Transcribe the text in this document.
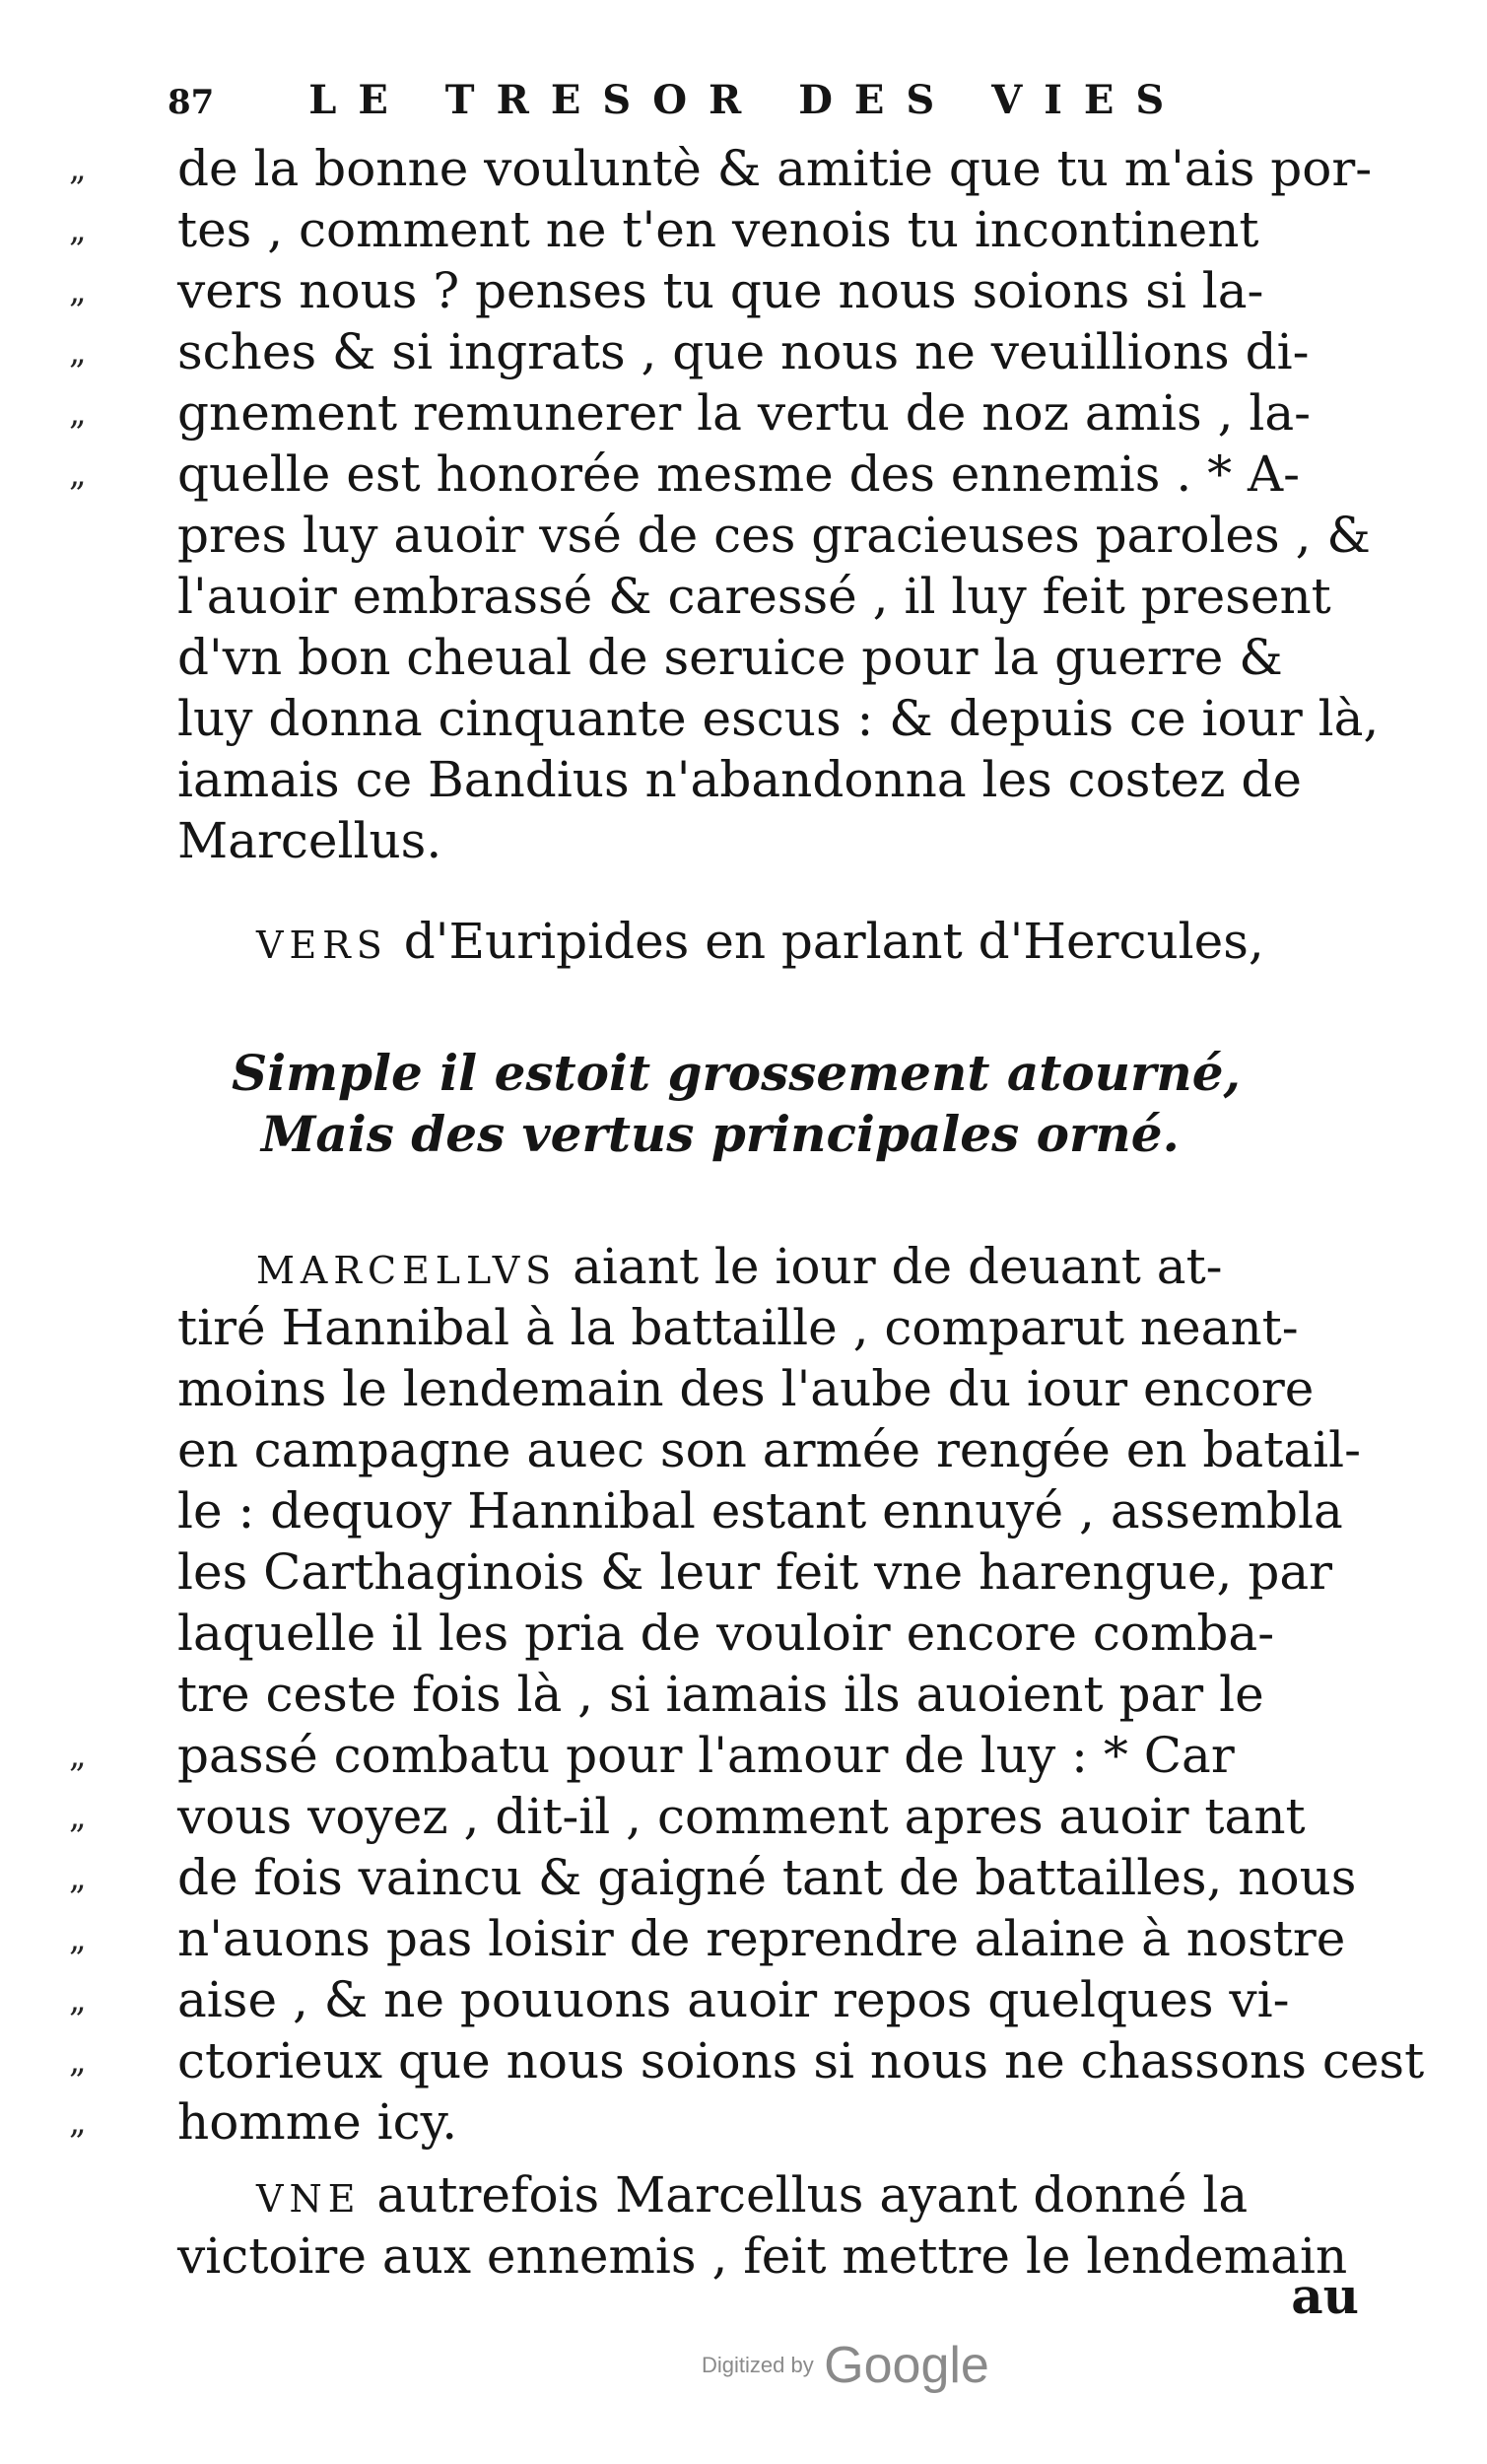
87 LE TRESOR DES VIES
„	de la bonne vouluntè & amitie que tu m'ais por-
„	tes , comment ne t'en venois tu incontinent
„	vers nous ? penses tu que nous soions si la-
„	sches & si ingrats , que nous ne veuillions di-
„	gnement remunerer la vertu de noz amis , la-
„	quelle est honorée mesme des ennemis . * A-
pres luy auoir vsé de ces gracieuses paroles , &
l'auoir embrassé & caressé , il luy feit present
d'vn bon cheual de seruice pour la guerre &
luy donna cinquante escus : & depuis ce iour là,
iamais ce Bandius n'abandonna les costez de
Marcellus.
VERS d'Euripides en parlant d'Hercules,
Simple il estoit grossement atourné,
Mais des vertus principales orné.
MARCELLVS aiant le iour de deuant at-
tiré Hannibal à la battaille , comparut neant-
moins le lendemain des l'aube du iour encore
en campagne auec son armée rengée en batail-
le : dequoy Hannibal estant ennuyé , assembla
les Carthaginois & leur feit vne harengue, par
laquelle il les pria de vouloir encore comba-
tre ceste fois là , si iamais ils auoient par le
„	passé combatu pour l'amour de luy : * Car
„	vous voyez , dit-il , comment apres auoir tant
„	de fois vaincu & gaigné tant de battailles, nous
„	n'auons pas loisir de reprendre alaine à nostre
„	aise , & ne pouuons auoir repos quelques vi-
„	ctorieux que nous soions si nous ne chassons cest
„	homme icy.
VNE autrefois Marcellus ayant donné la
victoire aux ennemis , feit mettre le lendemain
au
Digitized by Google
